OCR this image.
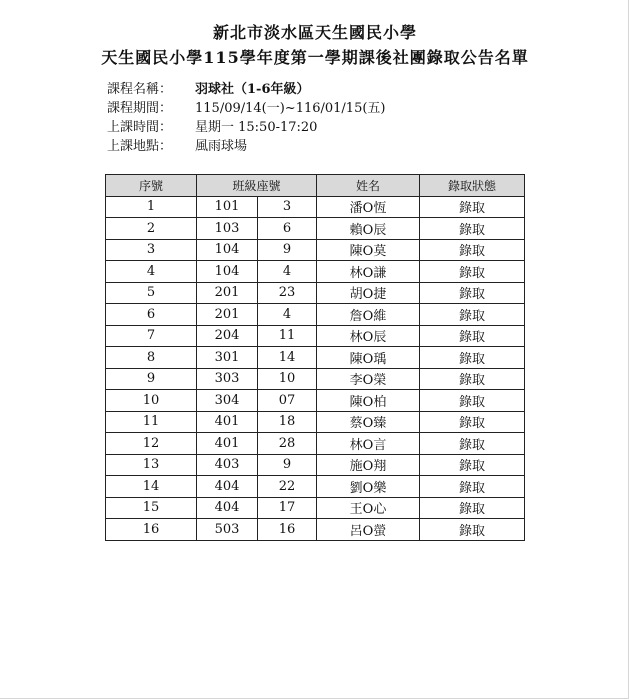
新北市淡水區天生國民小學
天生國民小學115學年度第一學期課後社團錄取公告名單
課程名稱： 羽球社（1-6年級）
課程期間： 115/09/14(一)~116/01/15(五)
上課時間： 星期一 15:50-17:20
上課地點： 風雨球場
序號	班級座號		姓名	錄取狀態
1	101	3	潘O恆	錄取
2	103	6	賴O辰	錄取
3	104	9	陳O莫	錄取
4	104	4	林O謙	錄取
5	201	23	胡O捷	錄取
6	201	4	詹O維	錄取
7	204	11	林O辰	錄取
8	301	14	陳O瑀	錄取
9	303	10	李O榮	錄取
10	304	07	陳O柏	錄取
11	401	18	蔡O臻	錄取
12	401	28	林O言	錄取
13	403	9	施O翔	錄取
14	404	22	劉O樂	錄取
15	404	17	王O心	錄取
16	503	16	呂O螢	錄取
